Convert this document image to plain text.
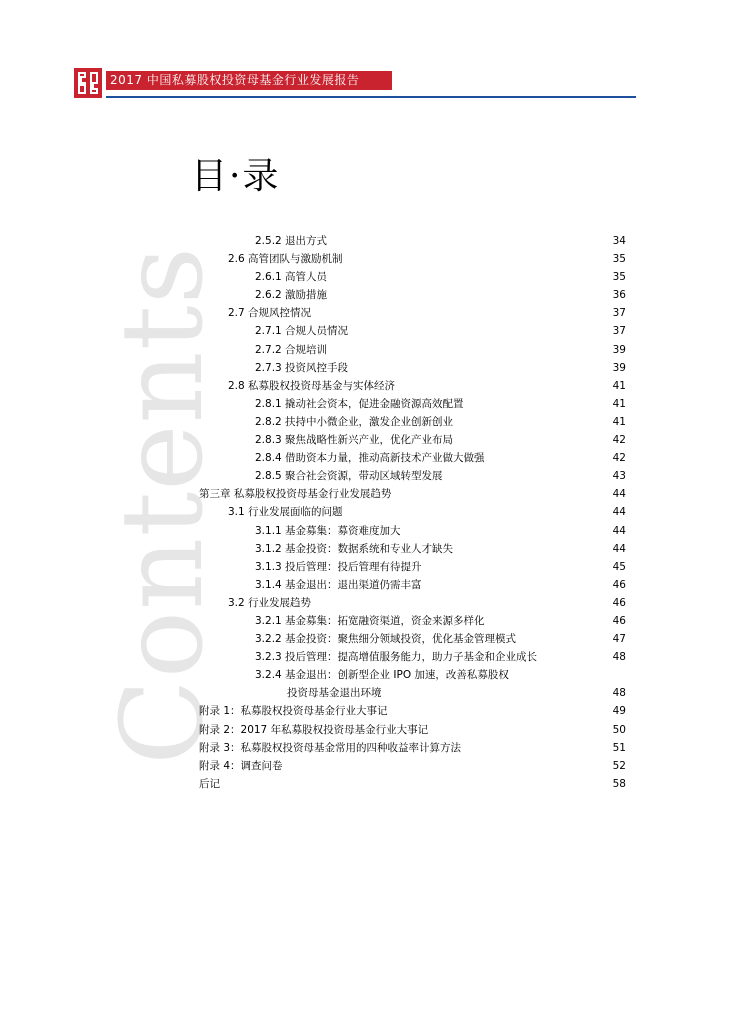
2017 中国私募股权投资母基金行业发展报告
Contents
目·录
2.5.2 退出方式	34
2.6 高管团队与激励机制	35
2.6.1 高管人员	35
2.6.2 激励措施	36
2.7 合规风控情况	37
2.7.1 合规人员情况	37
2.7.2 合规培训	39
2.7.3 投资风控手段	39
2.8 私募股权投资母基金与实体经济	41
2.8.1 撬动社会资本，促进金融资源高效配置	41
2.8.2 扶持中小微企业，激发企业创新创业	41
2.8.3 聚焦战略性新兴产业，优化产业布局	42
2.8.4 借助资本力量，推动高新技术产业做大做强	42
2.8.5 聚合社会资源，带动区域转型发展	43
第三章 私募股权投资母基金行业发展趋势	44
3.1 行业发展面临的问题	44
3.1.1 基金募集：募资难度加大	44
3.1.2 基金投资：数据系统和专业人才缺失	44
3.1.3 投后管理：投后管理有待提升	45
3.1.4 基金退出：退出渠道仍需丰富	46
3.2 行业发展趋势	46
3.2.1 基金募集：拓宽融资渠道，资金来源多样化	46
3.2.2 基金投资：聚焦细分领域投资，优化基金管理模式	47
3.2.3 投后管理：提高增值服务能力，助力子基金和企业成长	48
3.2.4 基金退出：创新型企业 IPO 加速，改善私募股权
投资母基金退出环境	48
附录 1：私募股权投资母基金行业大事记	49
附录 2：2017 年私募股权投资母基金行业大事记	50
附录 3：私募股权投资母基金常用的四种收益率计算方法	51
附录 4：调查问卷	52
后记	58
